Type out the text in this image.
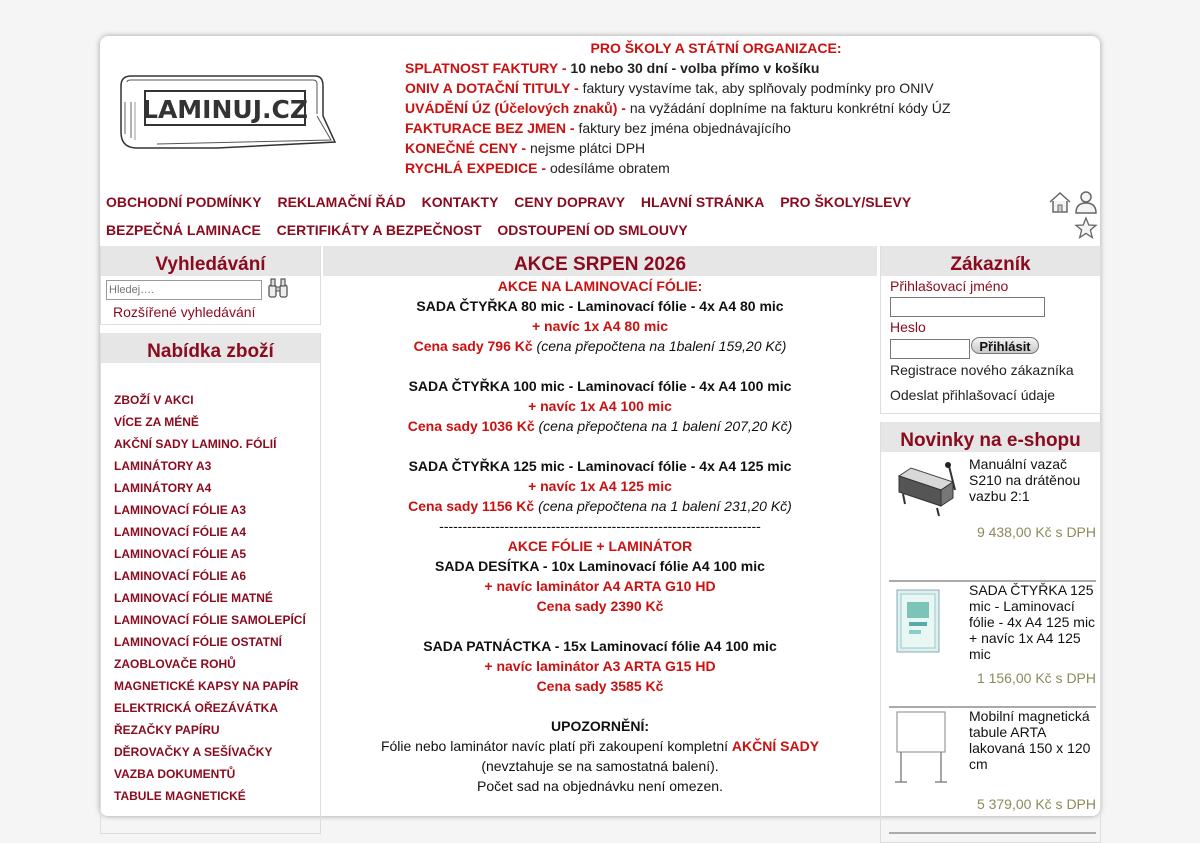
LAMINUJ.CZ
PRO ŠKOLY A STÁTNÍ ORGANIZACE:
SPLATNOST FAKTURY - 10 nebo 30 dní - volba přímo v košíku
ONIV A DOTAČNÍ TITULY - faktury vystavíme tak, aby splňovaly podmínky pro ONIV
UVÁDĚNÍ ÚZ (Účelových znaků) - na vyžádání doplníme na fakturu konkrétní kódy ÚZ
FAKTURACE BEZ JMEN - faktury bez jména objednávajícího
KONEČNÉ CENY - nejsme plátci DPH
RYCHLÁ EXPEDICE - odesíláme obratem
OBCHODNÍ PODMÍNKY REKLAMAČNÍ ŘÁD KONTAKTY CENY DOPRAVY HLAVNÍ STRÁNKA PRO ŠKOLY/SLEVY
BEZPEČNÁ LAMINACE CERTIFIKÁTY A BEZPEČNOST ODSTOUPENÍ OD SMLOUVY
Vyhledávání
Hledej….
Rozšířené vyhledávání
Nabídka zboží
ZBOŽÍ V AKCI
VÍCE ZA MÉNĚ
AKČNÍ SADY LAMINO. FÓLIÍ
LAMINÁTORY A3
LAMINÁTORY A4
LAMINOVACÍ FÓLIE A3
LAMINOVACÍ FÓLIE A4
LAMINOVACÍ FÓLIE A5
LAMINOVACÍ FÓLIE A6
LAMINOVACÍ FÓLIE MATNÉ
LAMINOVACÍ FÓLIE SAMOLEPÍCÍ
LAMINOVACÍ FÓLIE OSTATNÍ
ZAOBLOVAČE ROHŮ
MAGNETICKÉ KAPSY NA PAPÍR
ELEKTRICKÁ OŘEZÁVÁTKA
ŘEZAČKY PAPÍRU
DĚROVAČKY A SEŠÍVAČKY
VAZBA DOKUMENTŮ
TABULE MAGNETICKÉ
AKCE SRPEN 2026
AKCE NA LAMINOVACÍ FÓLIE:
SADA ČTYŘKA 80 mic - Laminovací fólie - 4x A4 80 mic
+ navíc 1x A4 80 mic
Cena sady 796 Kč (cena přepočtena na 1balení 159,20 Kč)
SADA ČTYŘKA 100 mic - Laminovací fólie - 4x A4 100 mic
+ navíc 1x A4 100 mic
Cena sady 1036 Kč (cena přepočtena na 1 balení 207,20 Kč)
SADA ČTYŘKA 125 mic - Laminovací fólie - 4x A4 125 mic
+ navíc 1x A4 125 mic
Cena sady 1156 Kč (cena přepočtena na 1 balení 231,20 Kč)
---------------------------------------------------------------------
AKCE FÓLIE + LAMINÁTOR
SADA DESÍTKA - 10x Laminovací fólie A4 100 mic
+ navíc laminátor A4 ARTA G10 HD
Cena sady 2390 Kč
SADA PATNÁCTKA - 15x Laminovací fólie A4 100 mic
+ navíc laminátor A3 ARTA G15 HD
Cena sady 3585 Kč
UPOZORNĚNÍ:
Fólie nebo laminátor navíc platí při zakoupení kompletní AKČNÍ SADY
(nevztahuje se na samostatná balení).
Počet sad na objednávku není omezen.
Zákazník
Přihlašovací jméno
Heslo
Přihlásit
Registrace nového zákazníka
Odeslat přihlašovací údaje
Novinky na e-shopu
Manuální vazač S210 na drátěnou vazbu 2:1
9 438,00 Kč s DPH
SADA ČTYŘKA 125 mic - Laminovací fólie - 4x A4 125 mic + navíc 1x A4 125 mic
1 156,00 Kč s DPH
Mobilní magnetická tabule ARTA lakovaná 150 x 120 cm
5 379,00 Kč s DPH
